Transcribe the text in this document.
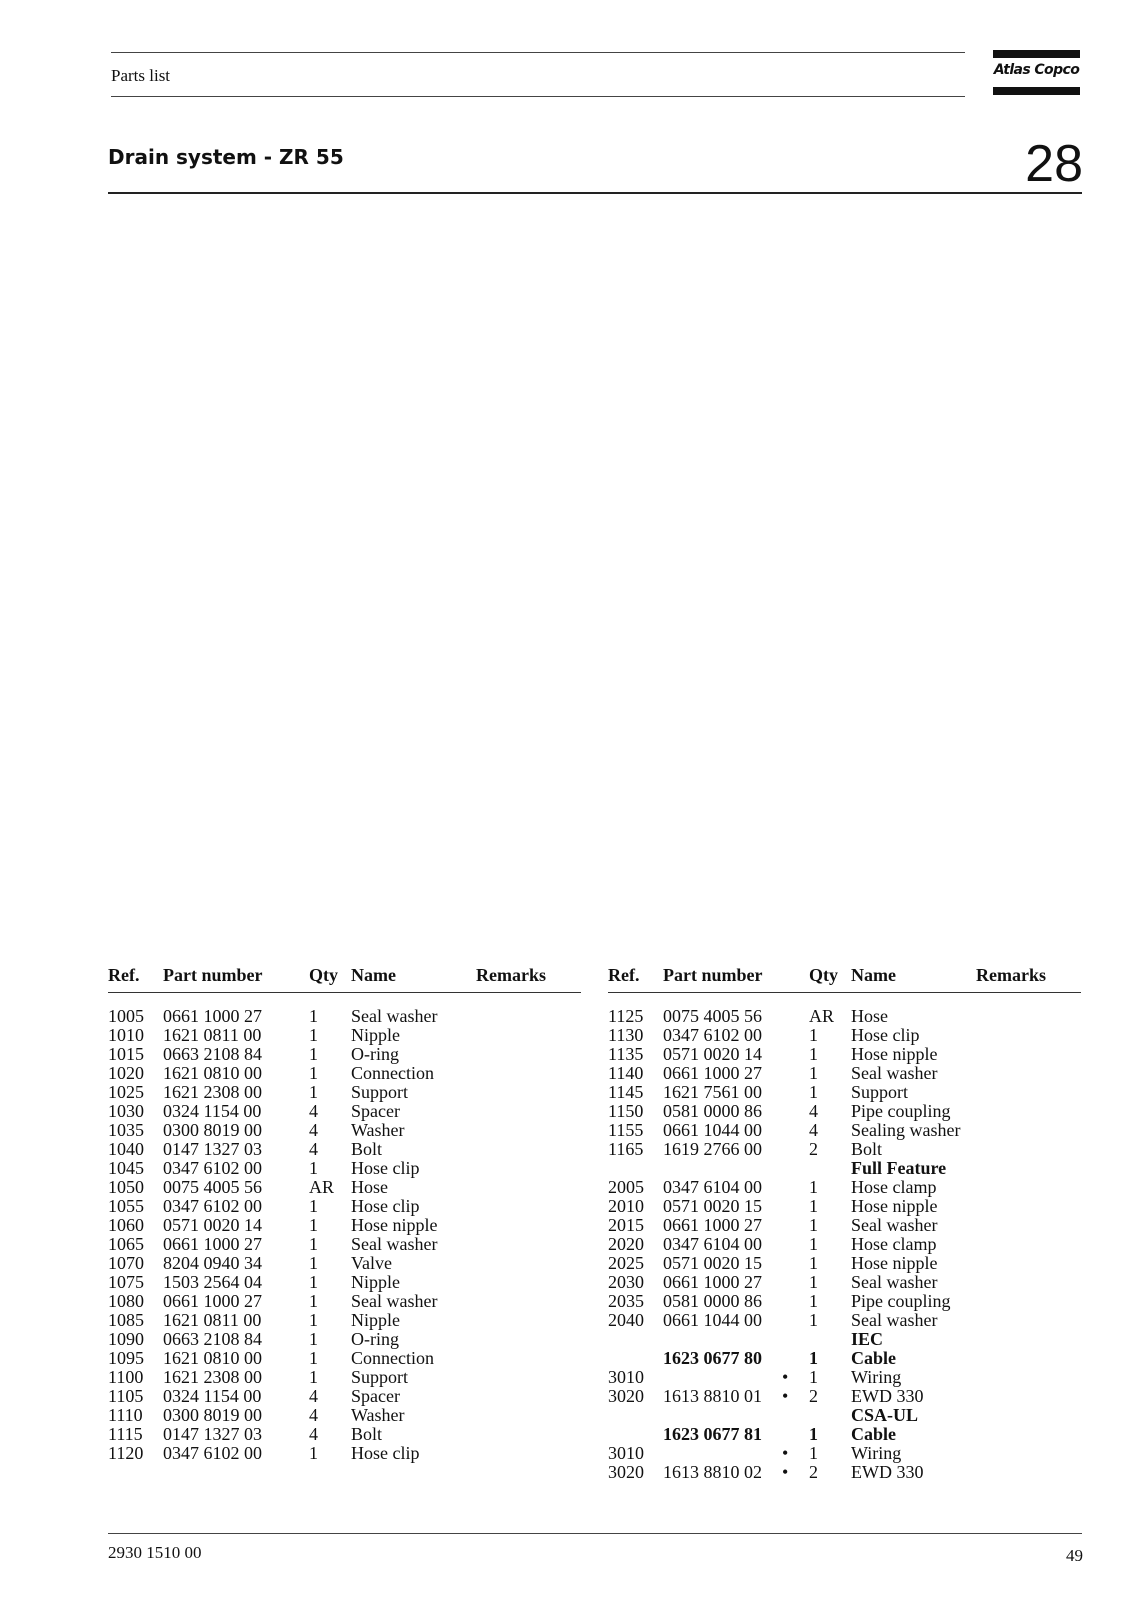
Parts list	Atlas Copco
Drain system - ZR 55	28
Ref. Part number	Qty Name	Remarks
1005 0661 1000 27	1 Seal washer
1010 1621 0811 00	1 Nipple
1015 0663 2108 84	1 O-ring
1020 1621 0810 00	1 Connection
1025 1621 2308 00	1 Support
1030 0324 1154 00	4 Spacer
1035 0300 8019 00	4 Washer
1040 0147 1327 03	4 Bolt
1045 0347 6102 00	1 Hose clip
1050 0075 4005 56	AR Hose
1055 0347 6102 00	1 Hose clip
1060 0571 0020 14	1 Hose nipple
1065 0661 1000 27	1 Seal washer
1070 8204 0940 34	1 Valve
1075 1503 2564 04	1 Nipple
1080 0661 1000 27	1 Seal washer
1085 1621 0811 00	1 Nipple
1090 0663 2108 84	1 O-ring
1095 1621 0810 00	1 Connection
1100 1621 2308 00	1 Support
1105 0324 1154 00	4 Spacer
1110 0300 8019 00	4 Washer
1115 0147 1327 03	4 Bolt
1120 0347 6102 00	1 Hose clip
Ref. Part number	Qty Name	Remarks
1125 0075 4005 56	AR Hose
1130 0347 6102 00	1 Hose clip
1135 0571 0020 14	1 Hose nipple
1140 0661 1000 27	1 Seal washer
1145 1621 7561 00	1 Support
1150 0581 0000 86	4 Pipe coupling
1155 0661 1044 00	4 Sealing washer
1165 1619 2766 00	2 Bolt
Full Feature
2005 0347 6104 00	1 Hose clamp
2010 0571 0020 15	1 Hose nipple
2015 0661 1000 27	1 Seal washer
2020 0347 6104 00	1 Hose clamp
2025 0571 0020 15	1 Hose nipple
2030 0661 1000 27	1 Seal washer
2035 0581 0000 86	1 Pipe coupling
2040 0661 1044 00	1 Seal washer
IEC
1623 0677 80	1 Cable
3010	• 1 Wiring
3020 1613 8810 01 • 2 EWD 330
CSA-UL
1623 0677 81	1 Cable
3010	• 1 Wiring
3020 1613 8810 02 • 2 EWD 330
2930 1510 00	49
